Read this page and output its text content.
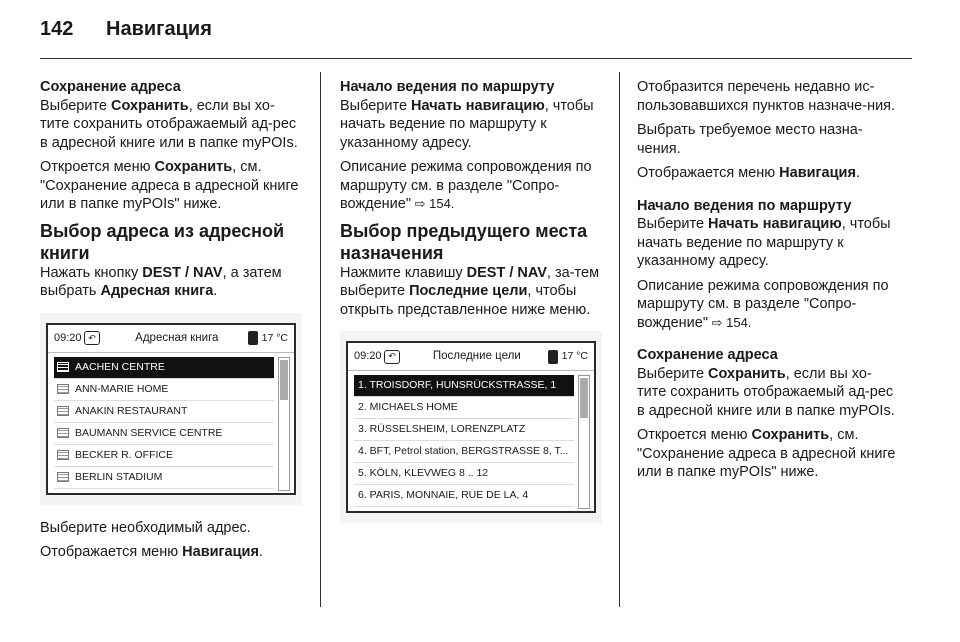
142	Навигация
Сохранение адреса

Выберите Сохранить, если вы хо-тите сохранить отображаемый ад-рес в адресной книге или в папке myPOIs.

Откроется меню Сохранить, см. "Сохранение адреса в адресной книге или в папке myPOIs" ниже.

Выбор адреса из адресной книги

Нажать кнопку DEST / NAV, а затем выбрать Адресная книга.

09:20 ↶	Адресная книга	17 °C
AACHEN CENTRE
ANN-MARIE HOME
ANAKIN RESTAURANT
BAUMANN SERVICE CENTRE
BECKER R. OFFICE
BERLIN STADIUM

Выберите необходимый адрес.

Отображается меню Навигация.

Начало ведения по маршруту

Выберите Начать навигацию, чтобы начать ведение по маршруту к указанному адресу.

Описание режима сопровождения по маршруту см. в разделе "Сопро-вождение" ⇨ 154.

Выбор предыдущего места назначения

Нажмите клавишу DEST / NAV, за-тем выберите Последние цели, чтобы открыть представленное ниже меню.

09:20 ↶	Последние цели	17 °C
1. TROISDORF, HUNSRÜCKSTRASSE, 1
2. MICHAELS HOME
3. RÜSSELSHEIM, LORENZPLATZ
4. BFT, Petrol station, BERGSTRASSE 8, T...
5. KÖLN, KLEVWEG 8 .. 12
6. PARIS, MONNAIE, RUE DE LA, 4

Отобразится перечень недавно ис-пользовавшихся пунктов назначе-ния.

Выбрать требуемое место назна-чения.

Отображается меню Навигация.

Начало ведения по маршруту

Выберите Начать навигацию, чтобы начать ведение по маршруту к указанному адресу.

Описание режима сопровождения по маршруту см. в разделе "Сопро-вождение" ⇨ 154.

Сохранение адреса

Выберите Сохранить, если вы хо-тите сохранить отображаемый ад-рес в адресной книге или в папке myPOIs.

Откроется меню Сохранить, см. "Сохранение адреса в адресной книге или в папке myPOIs" ниже.
